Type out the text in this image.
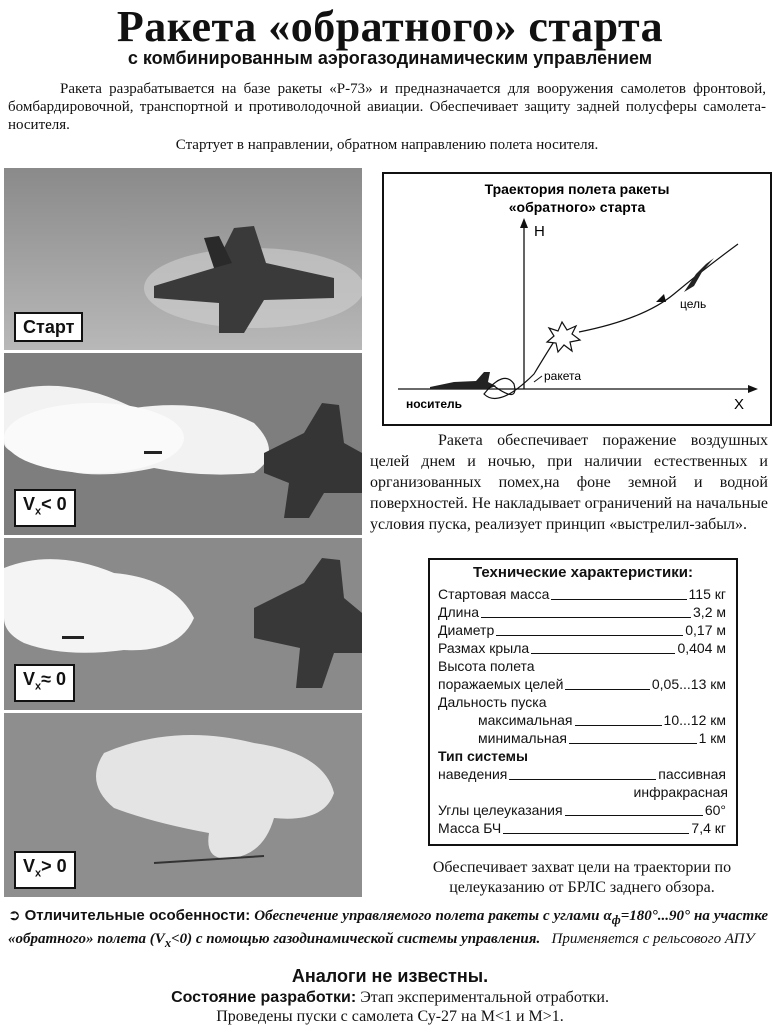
Ракета «обратного» старта
с комбинированным аэрогазодинамическим управлением

Ракета разрабатывается на базе ракеты «Р-73» и предназначается для вооружения самолетов фронтовой, бомбардировочной, транспортной и противолодочной авиации. Обеспечивает защиту задней полусферы самолета-носителя.

Стартует в направлении, обратном направлению полета носителя.

Старт
$V_x< 0$
$V_x\approx 0$
$V_x> 0$
Траектория полета ракеты
«обратного» старта
H
X
носитель
ракета
цель

Ракета обеспечивает поражение воздушных целей днем и ночью, при наличии естественных и организованных помех,на фоне земной и водной поверхностей. Не накладывает ограничений на начальные условия пуска, реализует принцип «выстрелил-забыл».

Технические характеристики:
Стартовая масса	115 кг
Длина	3,2 м
Диаметр	0,17 м
Размах крыла	0,404 м
Высота полета
поражаемых целей	0,05...13 км
Дальность пуска
максимальная	10...12 км
минимальная	1 км
Тип системы
наведения	пассивная
инфракрасная
Углы целеуказания	60°
Масса БЧ	7,4 кг
Обеспечивает захват цели на траектории по целеуказанию от БРЛС заднего обзора.
➲ Отличительные особенности: Обеспечение управляемого полета ракеты с углами $\alpha_ф=180^\circ...90^\circ$ на участке «обратного» полета $(V_x<0)$ с помощью газодинамической системы управления. Применяется с рельсового АПУ
Аналоги не известны.
Состояние разработки: Этап экспериментальной отработки.
Проведены пуски с самолета Су-27 на М<1 и М>1.
